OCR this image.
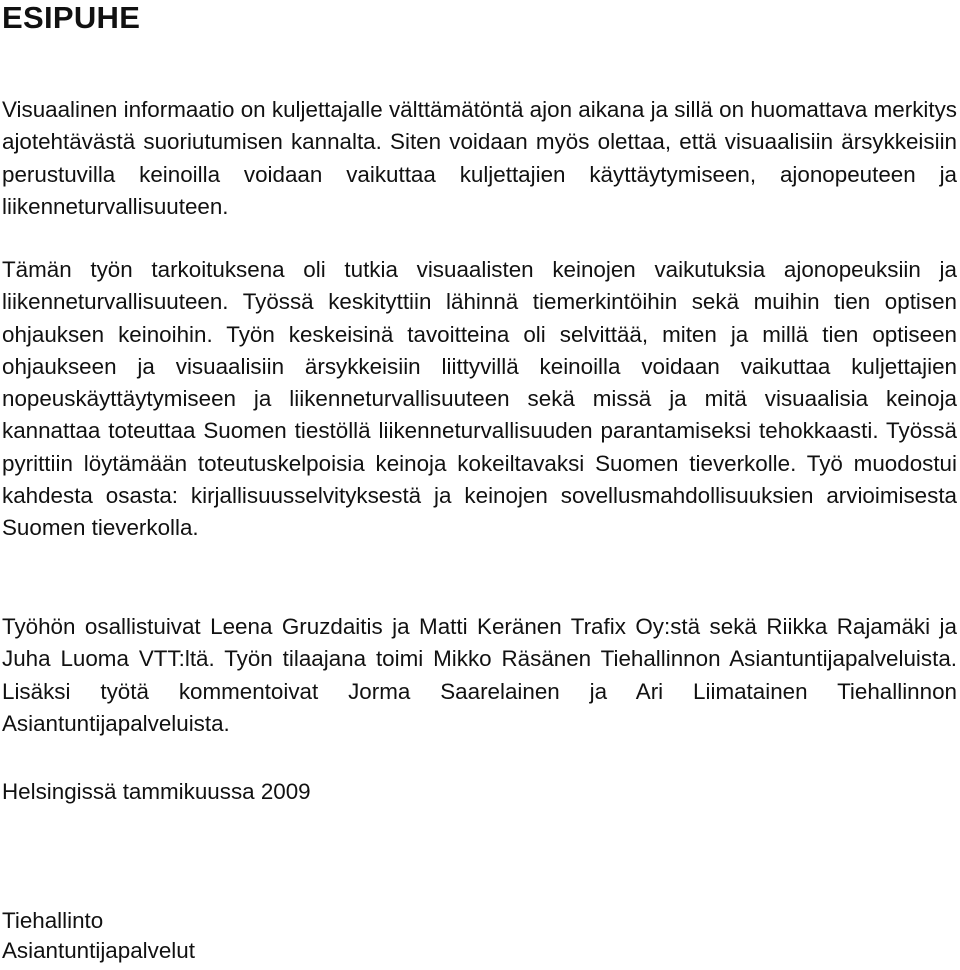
ESIPUHE

Visuaalinen informaatio on kuljettajalle välttämätöntä ajon aikana ja sillä on huomattava merkitys ajotehtävästä suoriutumisen kannalta. Siten voidaan myös olettaa, että visuaalisiin ärsykkeisiin perustuvilla keinoilla voidaan vaikuttaa kuljettajien käyttäytymiseen, ajonopeuteen ja liikenneturvallisuuteen.

Tämän työn tarkoituksena oli tutkia visuaalisten keinojen vaikutuksia ajonopeuksiin ja liikenneturvallisuuteen. Työssä keskityttiin lähinnä tiemerkintöihin sekä muihin tien optisen ohjauksen keinoihin. Työn keskeisinä tavoitteina oli selvittää, miten ja millä tien optiseen ohjaukseen ja visuaalisiin ärsykkeisiin liittyvillä keinoilla voidaan vaikuttaa kuljettajien nopeuskäyttäytymiseen ja liikenneturvallisuuteen sekä missä ja mitä visuaalisia keinoja kannattaa toteuttaa Suomen tiestöllä liikenneturvallisuuden parantamiseksi tehokkaasti. Työssä pyrittiin löytämään toteutuskelpoisia keinoja kokeiltavaksi Suomen tieverkolle. Työ muodostui kahdesta osasta: kirjallisuusselvityksestä ja keinojen sovellusmahdollisuuksien arvioimisesta Suomen tieverkolla.

Työhön osallistuivat Leena Gruzdaitis ja Matti Keränen Trafix Oy:stä sekä Riikka Rajamäki ja Juha Luoma VTT:ltä. Työn tilaajana toimi Mikko Räsänen Tiehallinnon Asiantuntijapalveluista. Lisäksi työtä kommentoivat Jorma Saarelainen ja Ari Liimatainen Tiehallinnon Asiantuntijapalveluista.

Helsingissä tammikuussa 2009

Tiehallinto

Asiantuntijapalvelut
